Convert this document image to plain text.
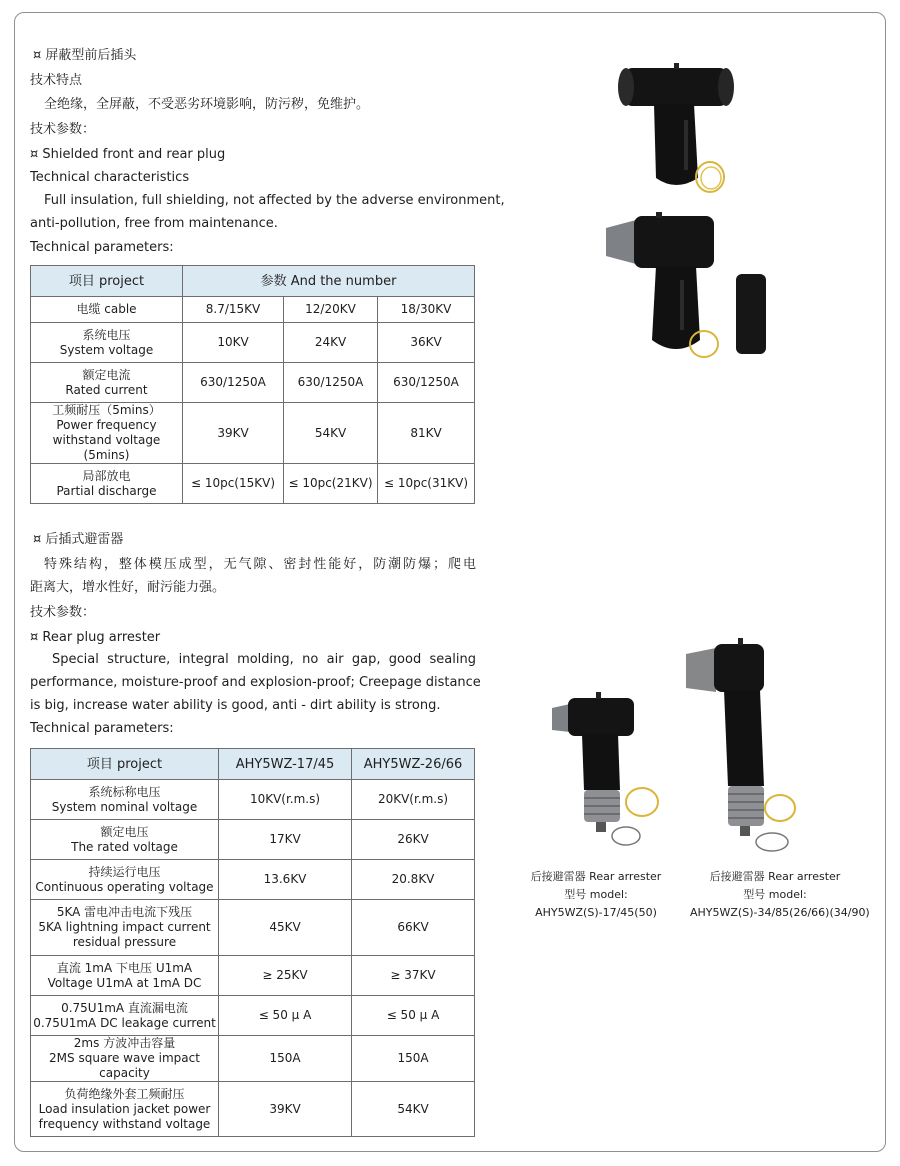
¤ 屏蔽型前后插头
技术特点
全绝缘，全屏蔽，不受恶劣环境影响，防污秽，免维护。
技术参数：
¤ Shielded front and rear plug
Technical characteristics
Full insulation, full shielding, not affected by the adverse environment,
anti-pollution, free from maintenance.
Technical parameters:
项目 project	参数 And the number		

电缆 cable	8.7/15KV	12/20KV	18/30KV

系统电压
System voltage	10KV	24KV	36KV

额定电流
Rated current	630/1250A	630/1250A	630/1250A

工频耐压（5mins）
Power frequency
withstand voltage (5mins)	39KV	54KV	81KV

局部放电
Partial discharge	≤ 10pc(15KV)	≤ 10pc(21KV)	≤ 10pc(31KV)
¤ 后插式避雷器
特殊结构，整体模压成型，无气隙、密封性能好，防潮防爆；爬电
距离大，增水性好，耐污能力强。
技术参数：
¤ Rear plug arrester
Special structure, integral molding, no air gap, good sealing
performance, moisture-proof and explosion-proof; Creepage distance
is big, increase water ability is good, anti - dirt ability is strong.
Technical parameters:
项目 project	AHY5WZ-17/45	AHY5WZ-26/66

系统标称电压
System nominal voltage	10KV(r.m.s)	20KV(r.m.s)

额定电压
The rated voltage	17KV	26KV

持续运行电压
Continuous operating voltage	13.6KV	20.8KV

5KA 雷电冲击电流下残压
5KA lightning impact current
residual pressure	45KV	66KV

直流 1mA 下电压 U1mA
Voltage U1mA at 1mA DC	≥ 25KV	≥ 37KV

0.75U1mA 直流漏电流
0.75U1mA DC leakage current	≤ 50 μ A	≤ 50 μ A

2ms 方波冲击容量
2MS square wave impact capacity	150A	150A

负荷绝缘外套工频耐压
Load insulation jacket power
frequency withstand voltage	39KV	54KV
后接避雷器 Rear arrester
型号 model:
AHY5WZ(S)-17/45(50)
后接避雷器 Rear arrester
型号 model:
AHY5WZ(S)-34/85(26/66)(34/90)
